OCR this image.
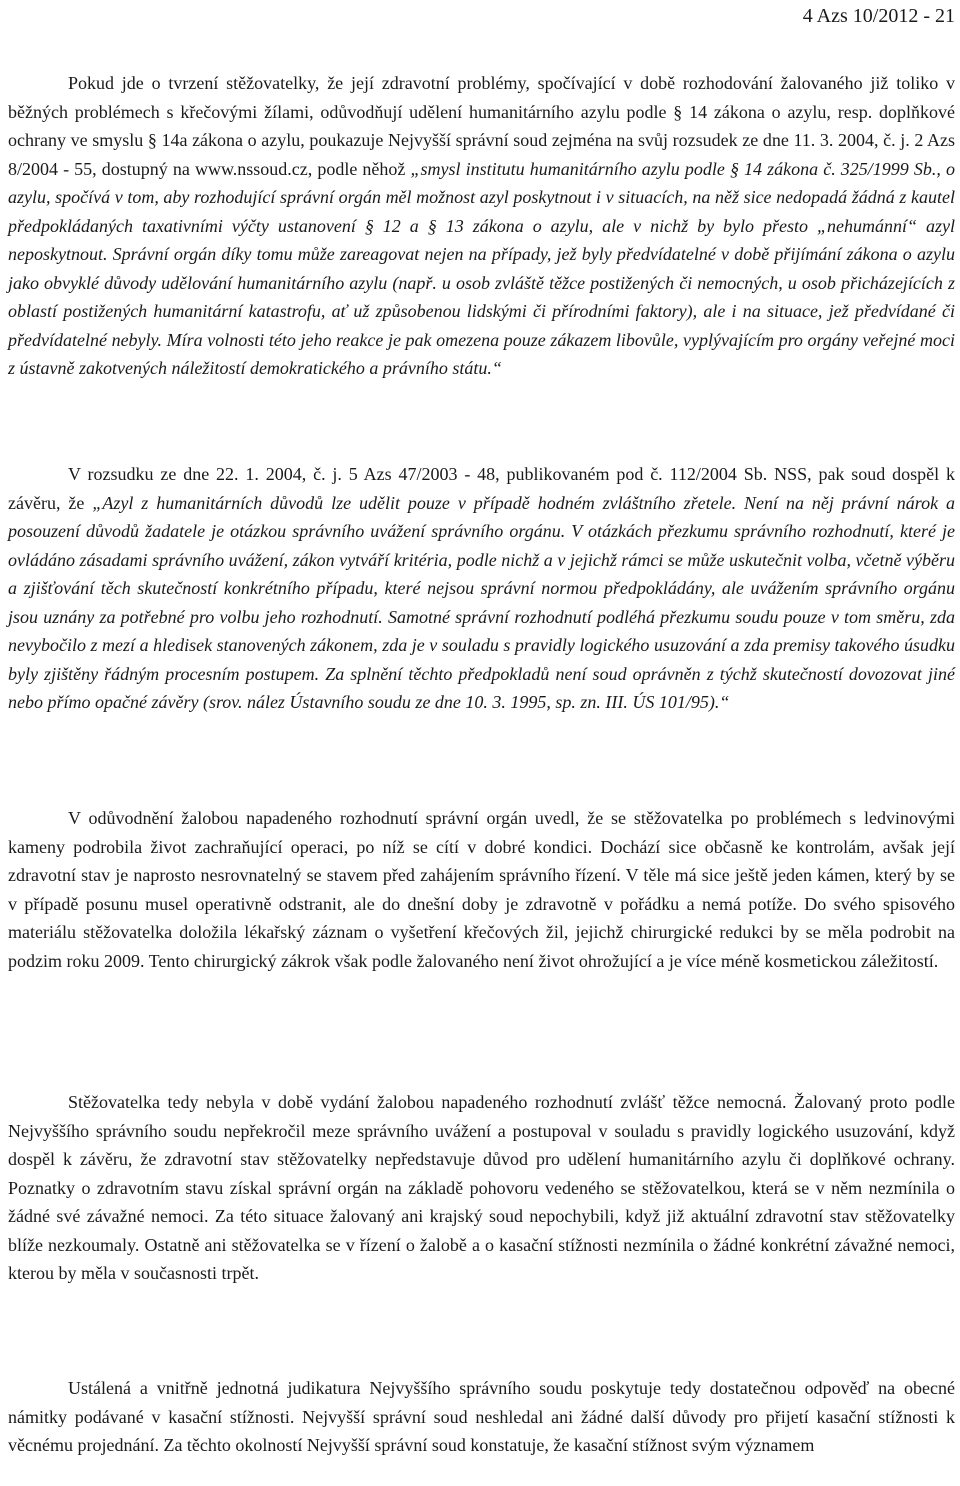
4 Azs 10/2012 - 21

Pokud jde o tvrzení stěžovatelky, že její zdravotní problémy, spočívající v době rozhodování žalovaného již toliko v běžných problémech s křečovými žílami, odůvodňují udělení humanitárního azylu podle § 14 zákona o azylu, resp. doplňkové ochrany ve smyslu § 14a zákona o azylu, poukazuje Nejvyšší správní soud zejména na svůj rozsudek ze dne 11. 3. 2004, č. j. 2 Azs 8/2004 - 55, dostupný na www.nssoud.cz, podle něhož „smysl institutu humanitárního azylu podle § 14 zákona č. 325/1999 Sb., o azylu, spočívá v tom, aby rozhodující správní orgán měl možnost azyl poskytnout i v situacích, na něž sice nedopadá žádná z kautel předpokládaných taxativními výčty ustanovení § 12 a § 13 zákona o azylu, ale v nichž by bylo přesto „nehumánní“ azyl neposkytnout. Správní orgán díky tomu může zareagovat nejen na případy, jež byly předvídatelné v době přijímání zákona o azylu jako obvyklé důvody udělování humanitárního azylu (např. u osob zvláště těžce postižených či nemocných, u osob přicházejících z oblastí postižených humanitární katastrofu, ať už způsobenou lidskými či přírodními faktory), ale i na situace, jež předvídané či předvídatelné nebyly. Míra volnosti této jeho reakce je pak omezena pouze zákazem libovůle, vyplývajícím pro orgány veřejné moci z ústavně zakotvených náležitostí demokratického a právního státu.“

V rozsudku ze dne 22. 1. 2004, č. j. 5 Azs 47/2003 - 48, publikovaném pod č. 112/2004 Sb. NSS, pak soud dospěl k závěru, že „Azyl z humanitárních důvodů lze udělit pouze v případě hodném zvláštního zřetele. Není na něj právní nárok a posouzení důvodů žadatele je otázkou správního uvážení správního orgánu. V otázkách přezkumu správního rozhodnutí, které je ovládáno zásadami správního uvážení, zákon vytváří kritéria, podle nichž a v jejichž rámci se může uskutečnit volba, včetně výběru a zjišťování těch skutečností konkrétního případu, které nejsou správní normou předpokládány, ale uvážením správního orgánu jsou uznány za potřebné pro volbu jeho rozhodnutí. Samotné správní rozhodnutí podléhá přezkumu soudu pouze v tom směru, zda nevybočilo z mezí a hledisek stanovených zákonem, zda je v souladu s pravidly logického usuzování a zda premisy takového úsudku byly zjištěny řádným procesním postupem. Za splnění těchto předpokladů není soud oprávněn z týchž skutečností dovozovat jiné nebo přímo opačné závěry (srov. nález Ústavního soudu ze dne 10. 3. 1995, sp. zn. III. ÚS 101/95).“

V odůvodnění žalobou napadeného rozhodnutí správní orgán uvedl, že se stěžovatelka po problémech s ledvinovými kameny podrobila život zachraňující operaci, po níž se cítí v dobré kondici. Dochází sice občasně ke kontrolám, avšak její zdravotní stav je naprosto nesrovnatelný se stavem před zahájením správního řízení. V těle má sice ještě jeden kámen, který by se v případě posunu musel operativně odstranit, ale do dnešní doby je zdravotně v pořádku a nemá potíže. Do svého spisového materiálu stěžovatelka doložila lékařský záznam o vyšetření křečových žil, jejichž chirurgické redukci by se měla podrobit na podzim roku 2009. Tento chirurgický zákrok však podle žalovaného není život ohrožující a je více méně kosmetickou záležitostí.

Stěžovatelka tedy nebyla v době vydání žalobou napadeného rozhodnutí zvlášť těžce nemocná. Žalovaný proto podle Nejvyššího správního soudu nepřekročil meze správního uvážení a postupoval v souladu s pravidly logického usuzování, když dospěl k závěru, že zdravotní stav stěžovatelky nepředstavuje důvod pro udělení humanitárního azylu či doplňkové ochrany. Poznatky o zdravotním stavu získal správní orgán na základě pohovoru vedeného se stěžovatelkou, která se v něm nezmínila o žádné své závažné nemoci. Za této situace žalovaný ani krajský soud nepochybili, když již aktuální zdravotní stav stěžovatelky blíže nezkoumaly. Ostatně ani stěžovatelka se v řízení o žalobě a o kasační stížnosti nezmínila o žádné konkrétní závažné nemoci, kterou by měla v současnosti trpět.

Ustálená a vnitřně jednotná judikatura Nejvyššího správního soudu poskytuje tedy dostatečnou odpověď na obecné námitky podávané v kasační stížnosti. Nejvyšší správní soud neshledal ani žádné další důvody pro přijetí kasační stížnosti k věcnému projednání. Za těchto okolností Nejvyšší správní soud konstatuje, že kasační stížnost svým významem
